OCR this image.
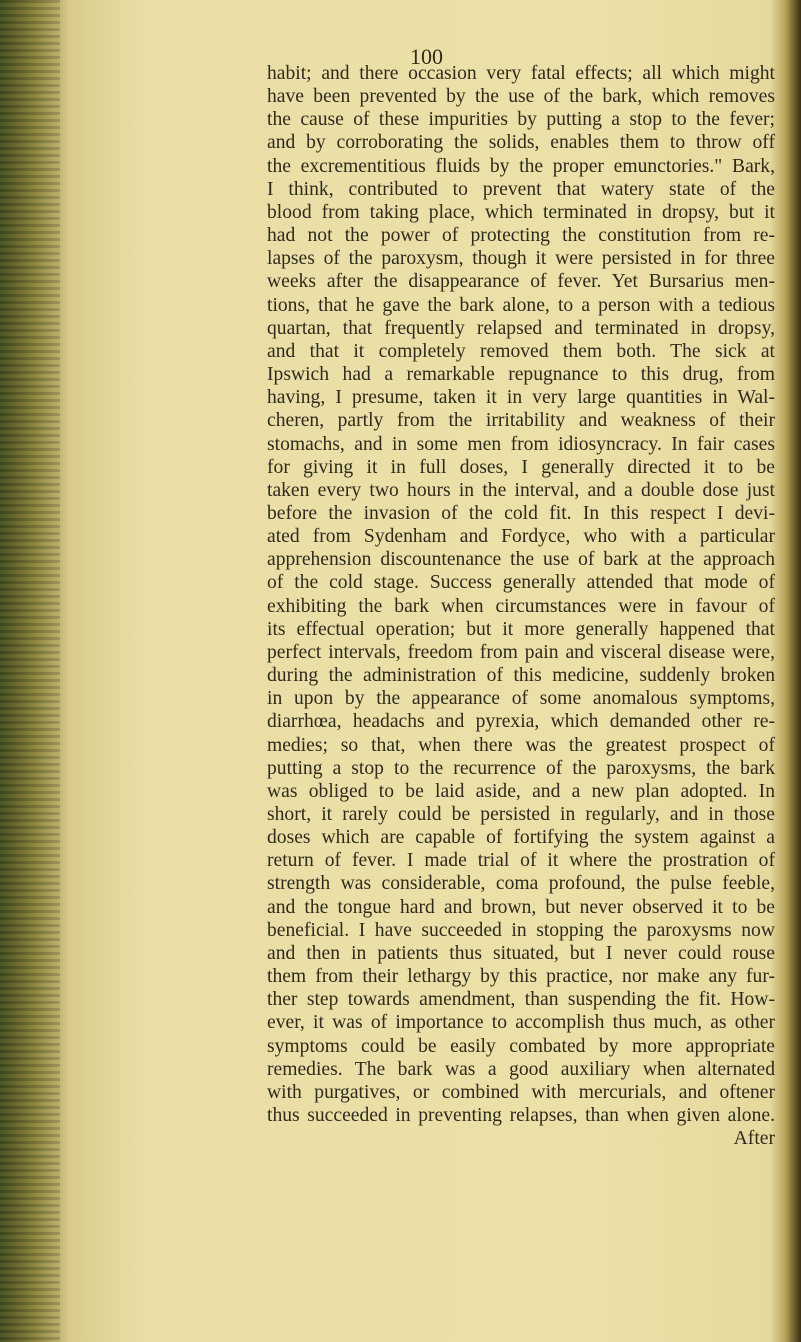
100
habit; and there occasion very fatal effects; all which might
have been prevented by the use of the bark, which removes
the cause of these impurities by putting a stop to the fever;
and by corroborating the solids, enables them to throw off
the excrementitious fluids by the proper emunctories." Bark,
I think, contributed to prevent that watery state of the
blood from taking place, which terminated in dropsy, but it
had not the power of protecting the constitution from re-
lapses of the paroxysm, though it were persisted in for three
weeks after the disappearance of fever. Yet Bursarius men-
tions, that he gave the bark alone, to a person with a tedious
quartan, that frequently relapsed and terminated in dropsy,
and that it completely removed them both. The sick at
Ipswich had a remarkable repugnance to this drug, from
having, I presume, taken it in very large quantities in Wal-
cheren, partly from the irritability and weakness of their
stomachs, and in some men from idiosyncracy. In fair cases
for giving it in full doses, I generally directed it to be
taken every two hours in the interval, and a double dose just
before the invasion of the cold fit. In this respect I devi-
ated from Sydenham and Fordyce, who with a particular
apprehension discountenance the use of bark at the approach
of the cold stage. Success generally attended that mode of
exhibiting the bark when circumstances were in favour of
its effectual operation; but it more generally happened that
perfect intervals, freedom from pain and visceral disease were,
during the administration of this medicine, suddenly broken
in upon by the appearance of some anomalous symptoms,
diarrhœa, headachs and pyrexia, which demanded other re-
medies; so that, when there was the greatest prospect of
putting a stop to the recurrence of the paroxysms, the bark
was obliged to be laid aside, and a new plan adopted. In
short, it rarely could be persisted in regularly, and in those
doses which are capable of fortifying the system against a
return of fever. I made trial of it where the prostration of
strength was considerable, coma profound, the pulse feeble,
and the tongue hard and brown, but never observed it to be
beneficial. I have succeeded in stopping the paroxysms now
and then in patients thus situated, but I never could rouse
them from their lethargy by this practice, nor make any fur-
ther step towards amendment, than suspending the fit. How-
ever, it was of importance to accomplish thus much, as other
symptoms could be easily combated by more appropriate
remedies. The bark was a good auxiliary when alternated
with purgatives, or combined with mercurials, and oftener
thus succeeded in preventing relapses, than when given alone.
After
